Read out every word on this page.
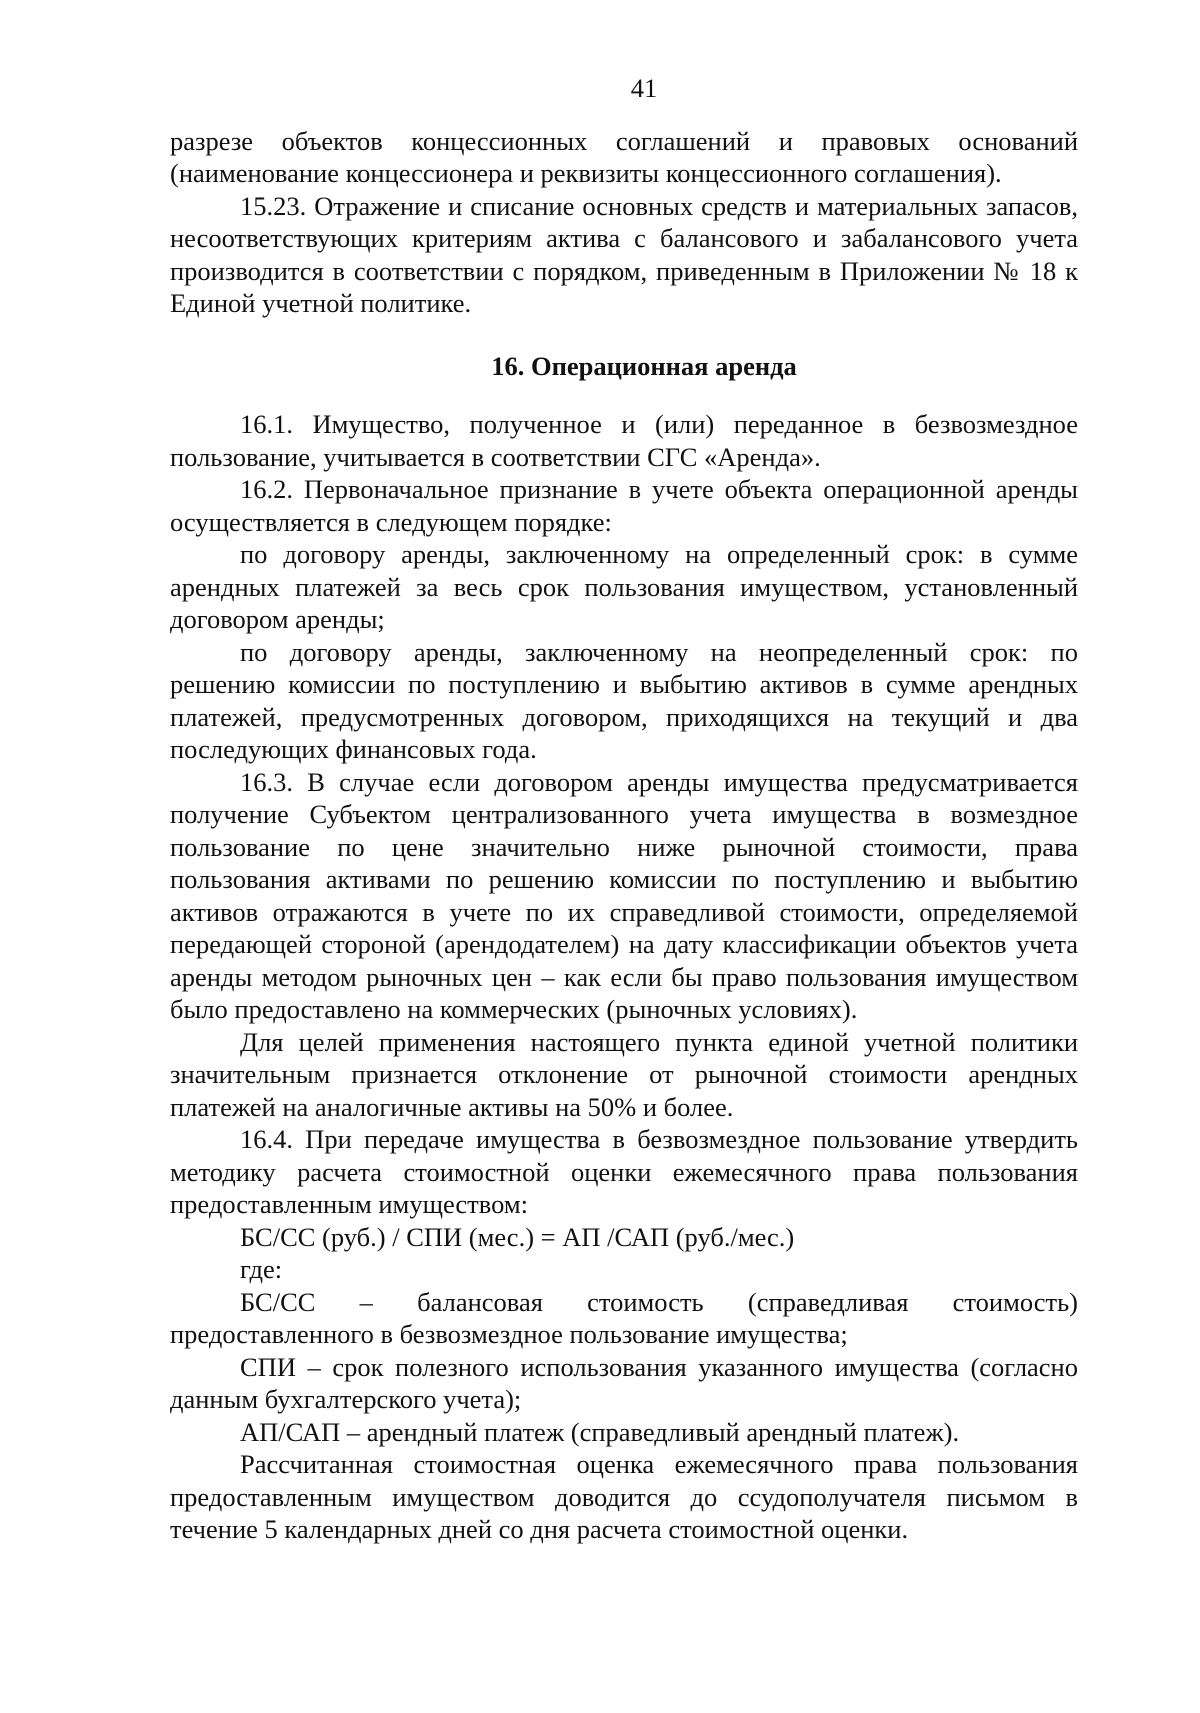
41

разрезе объектов концессионных соглашений и правовых оснований (наименование концессионера и реквизиты концессионного соглашения).

15.23. Отражение и списание основных средств и материальных запасов, несоответствующих критериям актива с балансового и забалансового учета производится в соответствии с порядком, приведенным в Приложении № 18 к Единой учетной политике.

16. Операционная аренда

16.1. Имущество, полученное и (или) переданное в безвозмездное пользование, учитывается в соответствии СГС «Аренда».

16.2. Первоначальное признание в учете объекта операционной аренды осуществляется в следующем порядке:

по договору аренды, заключенному на определенный срок: в сумме арендных платежей за весь срок пользования имуществом, установленный договором аренды;

по договору аренды, заключенному на неопределенный срок: по решению комиссии по поступлению и выбытию активов в сумме арендных платежей, предусмотренных договором, приходящихся на текущий и два последующих финансовых года.

16.3. В случае если договором аренды имущества предусматривается получение Субъектом централизованного учета имущества в возмездное пользование по цене значительно ниже рыночной стоимости, права пользования активами по решению комиссии по поступлению и выбытию активов отражаются в учете по их справедливой стоимости, определяемой передающей стороной (арендодателем) на дату классификации объектов учета аренды методом рыночных цен – как если бы право пользования имуществом было предоставлено на коммерческих (рыночных условиях).

Для целей применения настоящего пункта единой учетной политики значительным признается отклонение от рыночной стоимости арендных платежей на аналогичные активы на 50% и более.

16.4. При передаче имущества в безвозмездное пользование утвердить методику расчета стоимостной оценки ежемесячного права пользования предоставленным имуществом:

БС/СС (руб.) / СПИ (мес.) = АП /САП (руб./мес.)

где:

БС/СС – балансовая стоимость (справедливая стоимость) предоставленного в безвозмездное пользование имущества;

СПИ – срок полезного использования указанного имущества (согласно данным бухгалтерского учета);

АП/САП – арендный платеж (справедливый арендный платеж).

Рассчитанная стоимостная оценка ежемесячного права пользования предоставленным имуществом доводится до ссудополучателя письмом в течение 5 календарных дней со дня расчета стоимостной оценки.
